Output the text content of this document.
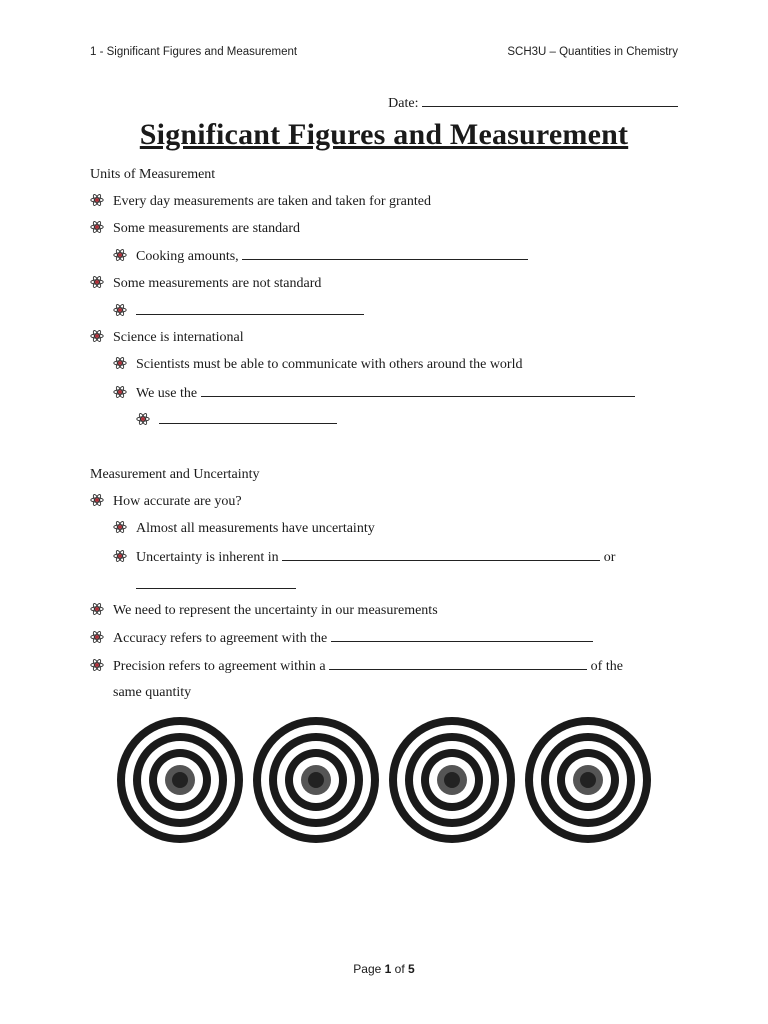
1 - Significant Figures and Measurement	SCH3U – Quantities in Chemistry
Date:
Significant Figures and Measurement
Units of Measurement
Every day measurements are taken and taken for granted
Some measurements are standard
Cooking amounts,
Some measurements are not standard
Science is international
Scientists must be able to communicate with others around the world
We use the
Measurement and Uncertainty
How accurate are you?
Almost all measurements have uncertainty
Uncertainty is inherent in	or
We need to represent the uncertainty in our measurements
Accuracy refers to agreement with the
Precision refers to agreement within a	of the
same quantity
Page 1 of 5
